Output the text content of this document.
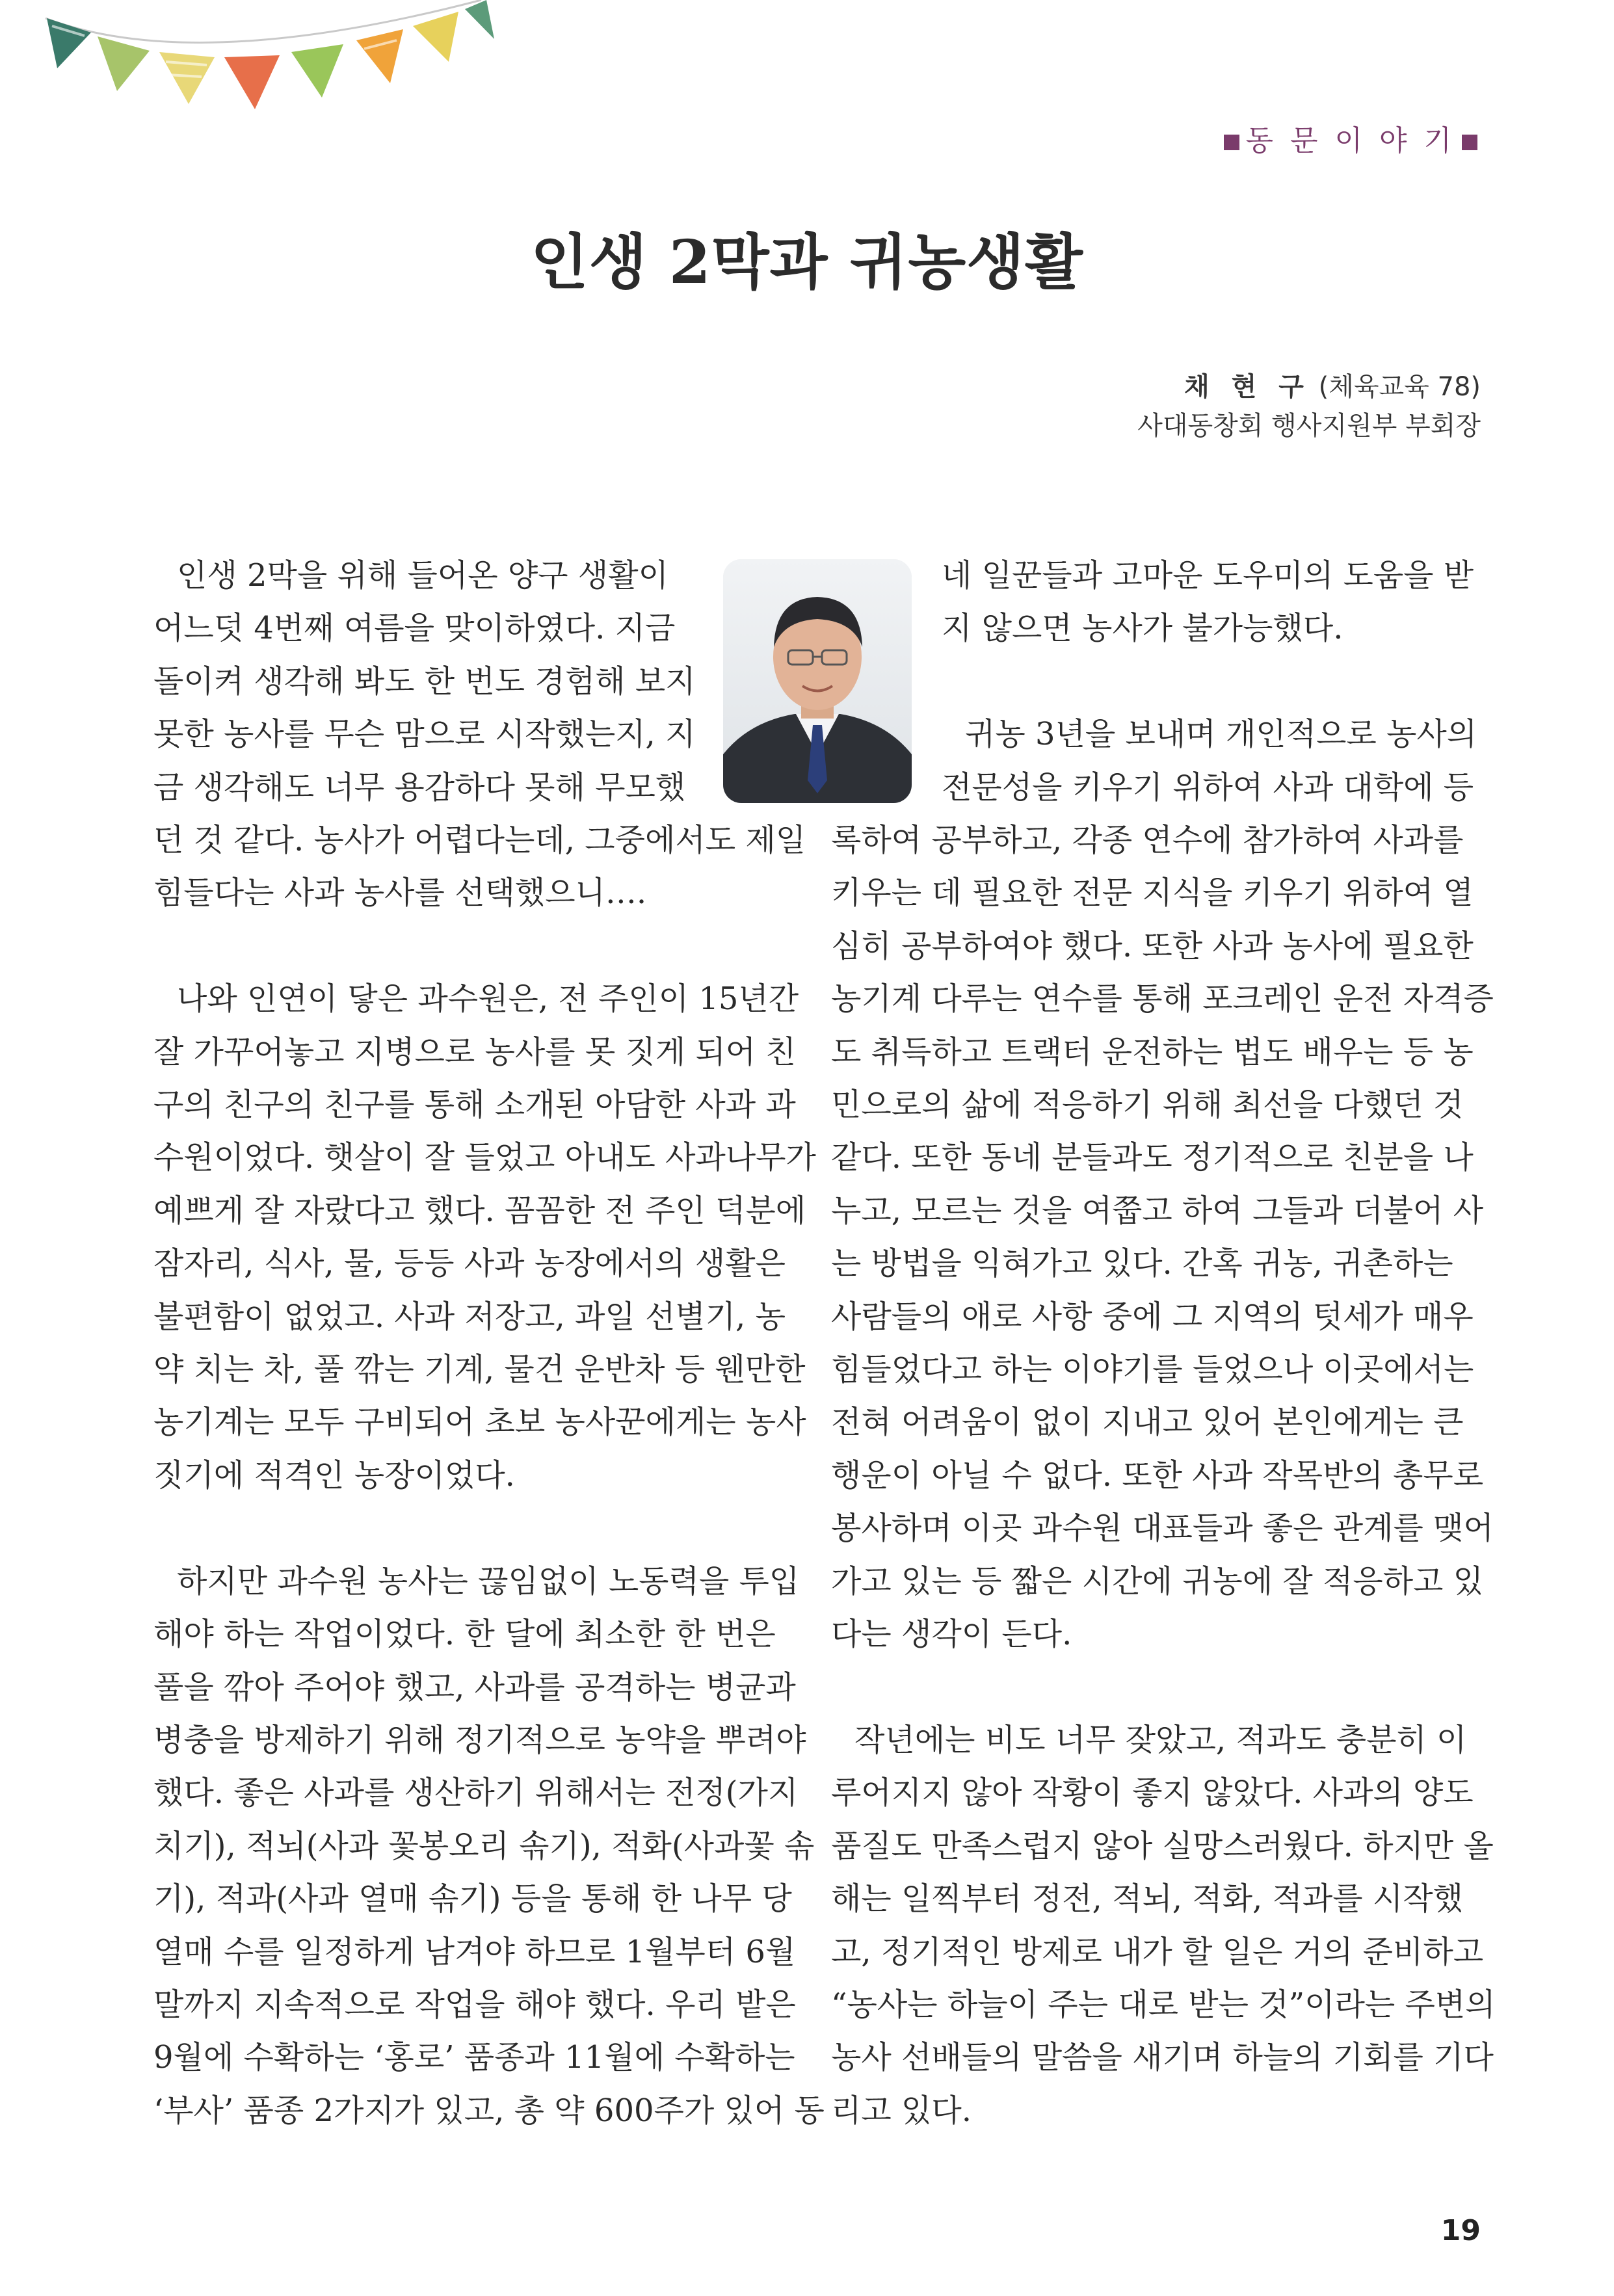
동 문 이 야 기
인생 2막과 귀농생활
채 현 구 (체육교육 78)
사대동창회 행사지원부 부회장

인생 2막을 위해 들어온 양구 생활이

어느덧 4번째 여름을 맞이하였다. 지금

돌이켜 생각해 봐도 한 번도 경험해 보지

못한 농사를 무슨 맘으로 시작했는지, 지

금 생각해도 너무 용감하다 못해 무모했

던 것 같다. 농사가 어렵다는데, 그중에서도 제일

힘들다는 사과 농사를 선택했으니….

나와 인연이 닿은 과수원은, 전 주인이 15년간

잘 가꾸어놓고 지병으로 농사를 못 짓게 되어 친

구의 친구의 친구를 통해 소개된 아담한 사과 과

수원이었다. 햇살이 잘 들었고 아내도 사과나무가

예쁘게 잘 자랐다고 했다. 꼼꼼한 전 주인 덕분에

잠자리, 식사, 물, 등등 사과 농장에서의 생활은

불편함이 없었고. 사과 저장고, 과일 선별기, 농

약 치는 차, 풀 깎는 기계, 물건 운반차 등 웬만한

농기계는 모두 구비되어 초보 농사꾼에게는 농사

짓기에 적격인 농장이었다.

하지만 과수원 농사는 끊임없이 노동력을 투입

해야 하는 작업이었다. 한 달에 최소한 한 번은

풀을 깎아 주어야 했고, 사과를 공격하는 병균과

병충을 방제하기 위해 정기적으로 농약을 뿌려야

했다. 좋은 사과를 생산하기 위해서는 전정(가지

치기), 적뇌(사과 꽃봉오리 솎기), 적화(사과꽃 솎

기), 적과(사과 열매 솎기) 등을 통해 한 나무 당

열매 수를 일정하게 남겨야 하므로 1월부터 6월

말까지 지속적으로 작업을 해야 했다. 우리 밭은

9월에 수확하는 ‘홍로’ 품종과 11월에 수확하는

‘부사’ 품종 2가지가 있고, 총 약 600주가 있어 동

네 일꾼들과 고마운 도우미의 도움을 받

지 않으면 농사가 불가능했다.

귀농 3년을 보내며 개인적으로 농사의

전문성을 키우기 위하여 사과 대학에 등

록하여 공부하고, 각종 연수에 참가하여 사과를

키우는 데 필요한 전문 지식을 키우기 위하여 열

심히 공부하여야 했다. 또한 사과 농사에 필요한

농기계 다루는 연수를 통해 포크레인 운전 자격증

도 취득하고 트랙터 운전하는 법도 배우는 등 농

민으로의 삶에 적응하기 위해 최선을 다했던 것

같다. 또한 동네 분들과도 정기적으로 친분을 나

누고, 모르는 것을 여쭙고 하여 그들과 더불어 사

는 방법을 익혀가고 있다. 간혹 귀농, 귀촌하는

사람들의 애로 사항 중에 그 지역의 텃세가 매우

힘들었다고 하는 이야기를 들었으나 이곳에서는

전혀 어려움이 없이 지내고 있어 본인에게는 큰

행운이 아닐 수 없다. 또한 사과 작목반의 총무로

봉사하며 이곳 과수원 대표들과 좋은 관계를 맺어

가고 있는 등 짧은 시간에 귀농에 잘 적응하고 있

다는 생각이 든다.

작년에는 비도 너무 잦았고, 적과도 충분히 이

루어지지 않아 작황이 좋지 않았다. 사과의 양도

품질도 만족스럽지 않아 실망스러웠다. 하지만 올

해는 일찍부터 정전, 적뇌, 적화, 적과를 시작했

고, 정기적인 방제로 내가 할 일은 거의 준비하고

“농사는 하늘이 주는 대로 받는 것”이라는 주변의

농사 선배들의 말씀을 새기며 하늘의 기회를 기다

리고 있다.

19
